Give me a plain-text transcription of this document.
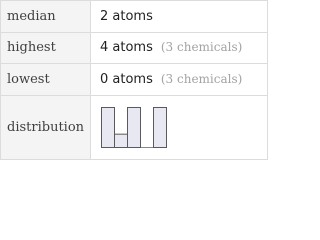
median	2 atoms
highest	4 atoms (3 chemicals)
lowest	0 atoms (3 chemicals)
distribution	
